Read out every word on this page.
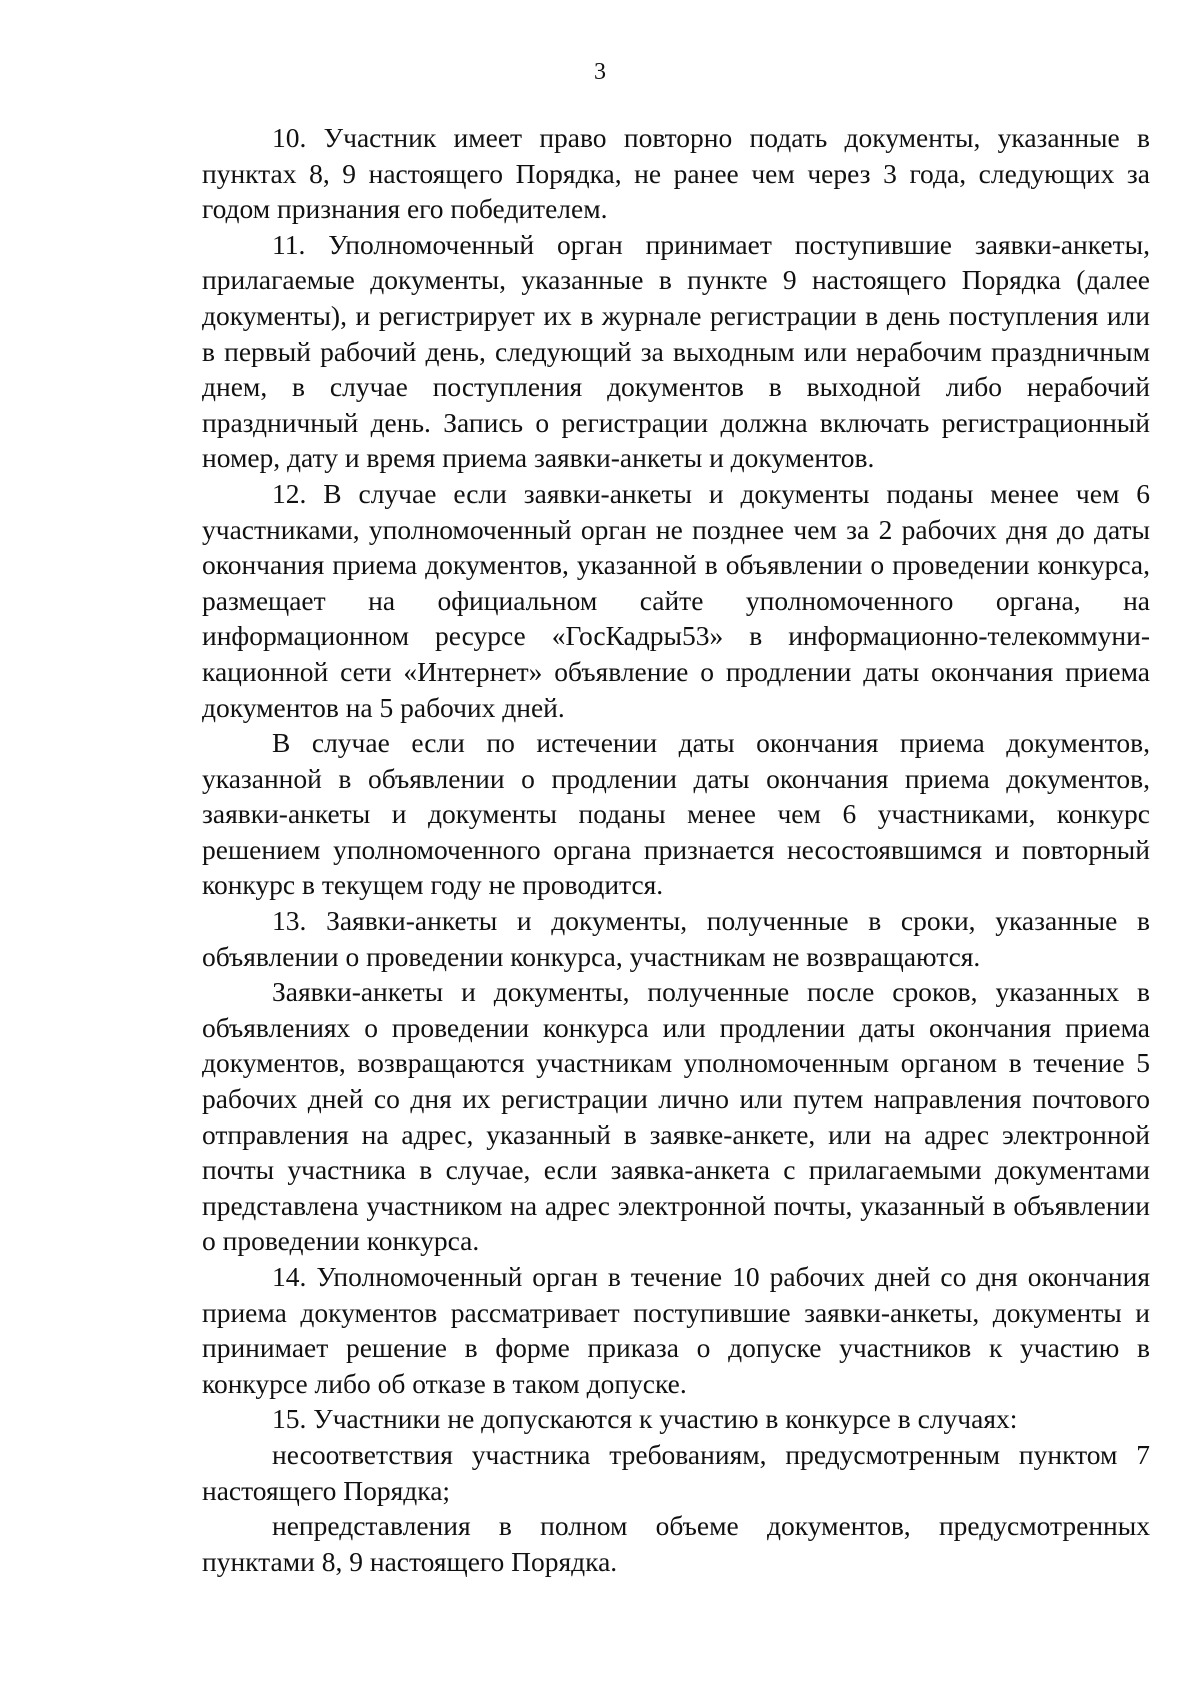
3

10. Участник имеет право повторно подать документы, указанные в пунктах 8, 9 настоящего Порядка, не ранее чем через 3 года, следующих за годом признания его победителем.

11. Уполномоченный орган принимает поступившие заявки-анкеты, прилагаемые документы, указанные в пункте 9 настоящего Порядка (далее документы), и регистрирует их в журнале регистрации в день поступления или в первый рабочий день, следующий за выходным или нерабочим праздничным днем, в случае поступления документов в выходной либо нерабочий праздничный день. Запись о регистрации должна включать регистрационный номер, дату и время приема заявки-анкеты и документов.

12. В случае если заявки-анкеты и документы поданы менее чем 6 участниками, уполномоченный орган не позднее чем за 2 рабочих дня до даты окончания приема документов, указанной в объявлении о проведении конкурса, размещает на официальном сайте уполномоченного органа, на информационном ресурсе «ГосКадры53» в информационно-телекоммуникационной сети «Интернет» объявление о продлении даты окончания приема документов на 5 рабочих дней.

В случае если по истечении даты окончания приема документов, указанной в объявлении о продлении даты окончания приема документов, заявки-анкеты и документы поданы менее чем 6 участниками, конкурс решением уполномоченного органа признается несостоявшимся и повторный конкурс в текущем году не проводится.

13. Заявки-анкеты и документы, полученные в сроки, указанные в объявлении о проведении конкурса, участникам не возвращаются.

Заявки-анкеты и документы, полученные после сроков, указанных в объявлениях о проведении конкурса или продлении даты окончания приема документов, возвращаются участникам уполномоченным органом в течение 5 рабочих дней со дня их регистрации лично или путем направления почтового отправления на адрес, указанный в заявке-анкете, или на адрес электронной почты участника в случае, если заявка-анкета с прилагаемыми документами представлена участником на адрес электронной почты, указанный в объявлении о проведении конкурса.

14. Уполномоченный орган в течение 10 рабочих дней со дня окончания приема документов рассматривает поступившие заявки-анкеты, документы и принимает решение в форме приказа о допуске участников к участию в конкурсе либо об отказе в таком допуске.

15. Участники не допускаются к участию в конкурсе в случаях:

несоответствия участника требованиям, предусмотренным пунктом 7 настоящего Порядка;

непредставления в полном объеме документов, предусмотренных пунктами 8, 9 настоящего Порядка.
